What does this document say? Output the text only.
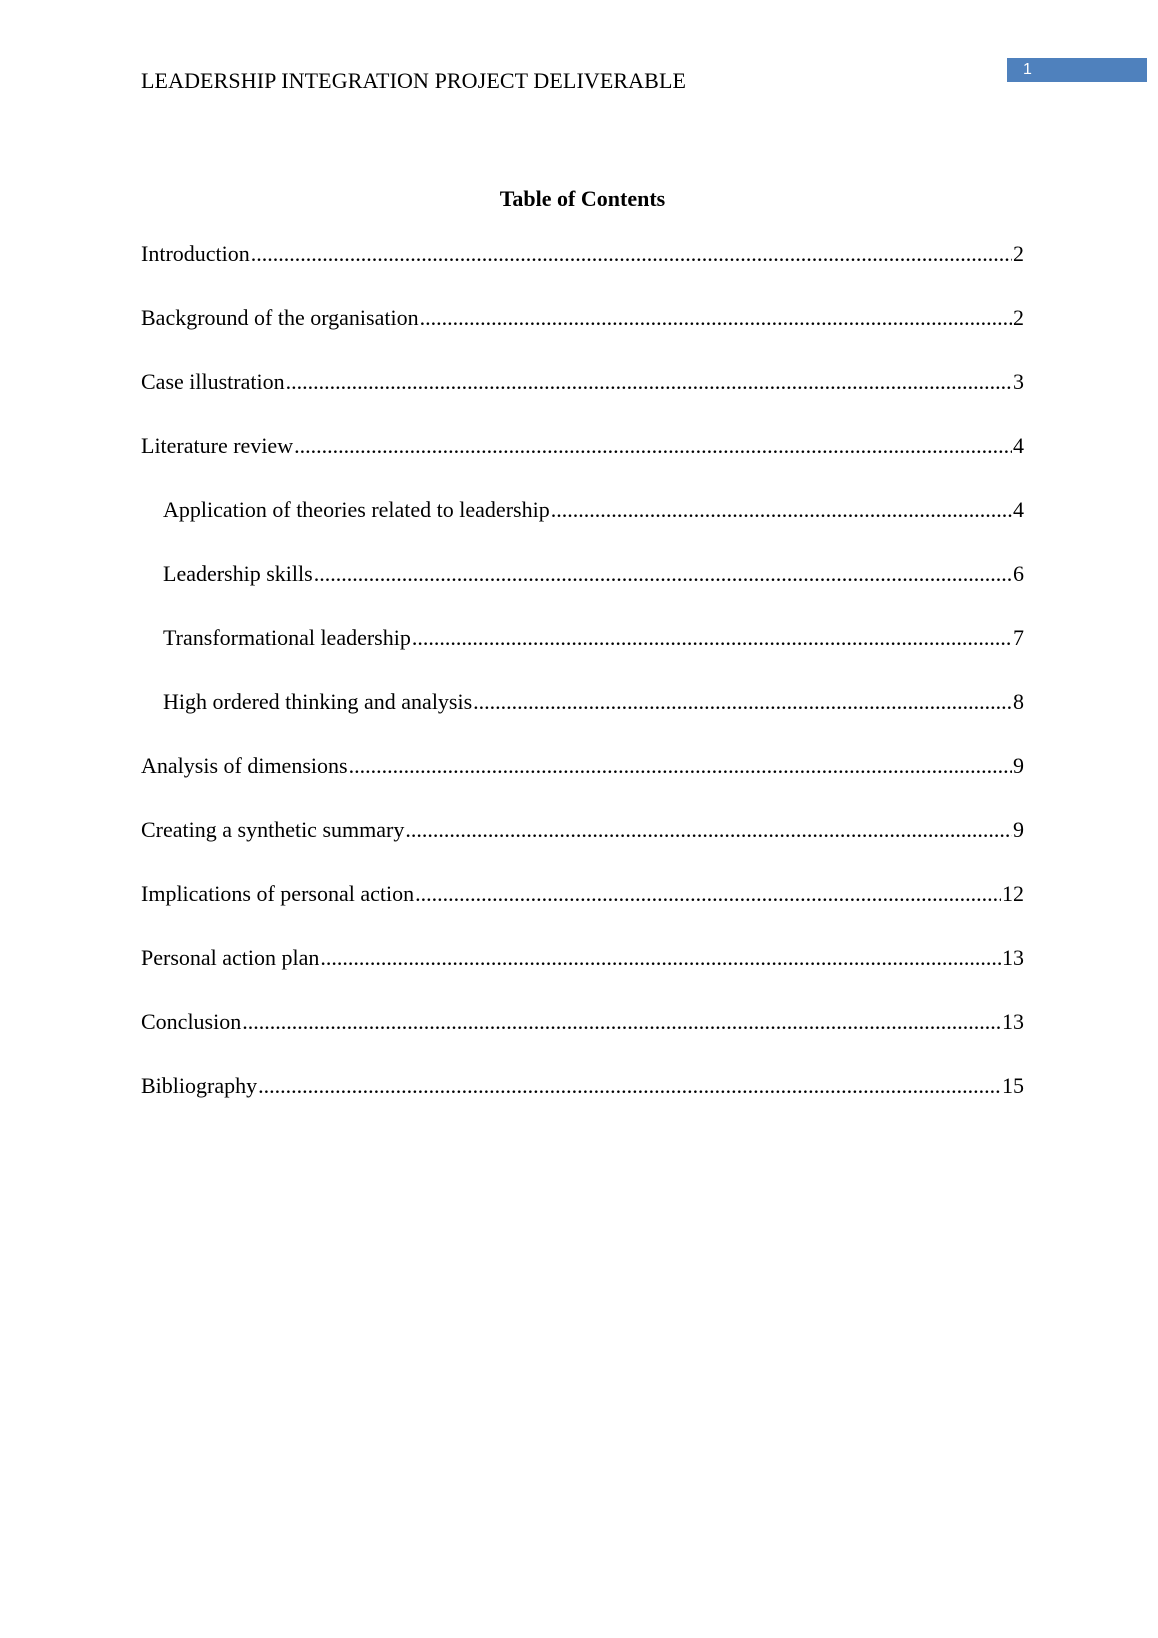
LEADERSHIP INTEGRATION PROJECT DELIVERABLE	1
Table of Contents
Introduction .....	2
Background of the organisation .....	2
Case illustration .....	3
Literature review .....	4
Application of theories related to leadership .....	4
Leadership skills .....	6
Transformational leadership .....	7
High ordered thinking and analysis .....	8
Analysis of dimensions .....	9
Creating a synthetic summary .....	9
Implications of personal action .....	12
Personal action plan .....	13
Conclusion .....	13
Bibliography .....	15
